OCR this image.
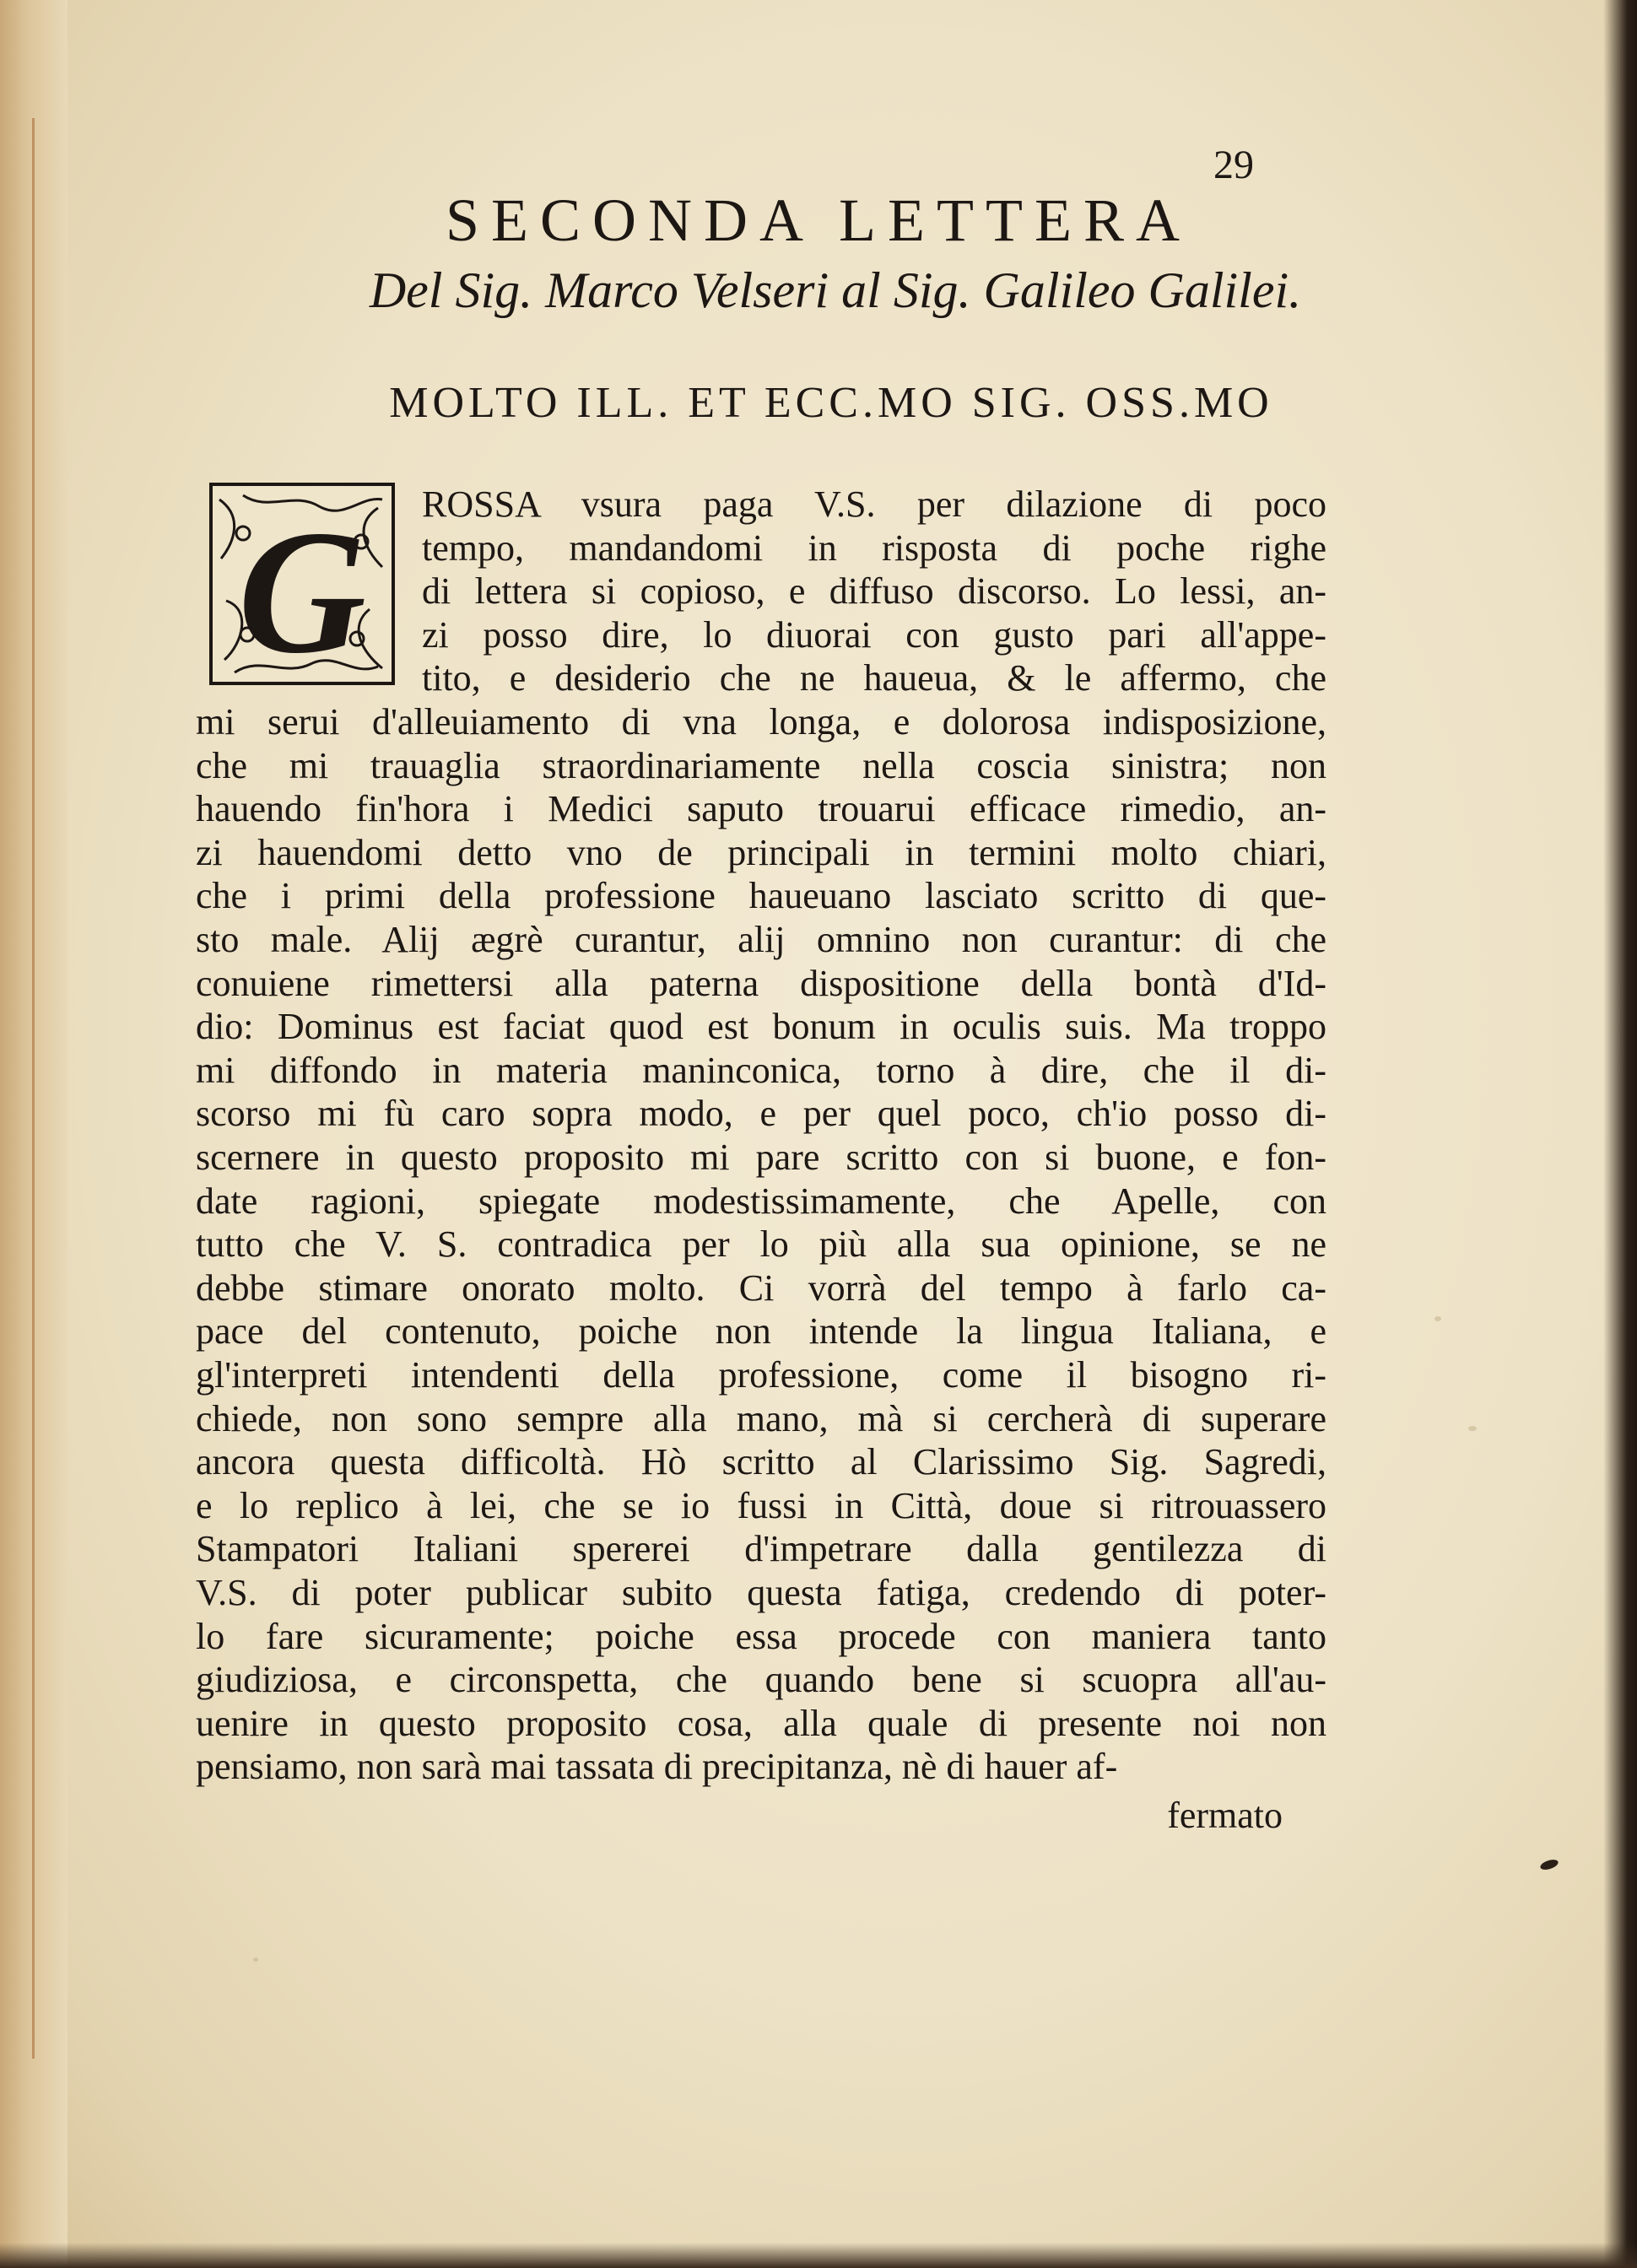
29
SECONDA LETTERA
Del Sig. Marco Velseri al Sig. Galileo Galilei.
MOLTO ILL. ET ECC.MO SIG. OSS.MO
G ROSSA vsura paga V.S. per dilazione di poco
tempo, mandandomi in risposta di poche righe
di lettera si copioso, e diffuso discorso. Lo lessi, an-
zi posso dire, lo diuorai con gusto pari all'appe-
tito, e desiderio che ne haueua, & le affermo, che
mi serui d'alleuiamento di vna longa, e dolorosa indisposizione,
che mi trauaglia straordinariamente nella coscia sinistra; non
hauendo fin'hora i Medici saputo trouarui efficace rimedio, an-
zi hauendomi detto vno de principali in termini molto chiari,
che i primi della professione haueuano lasciato scritto di que-
sto male. Alij ægrè curantur, alij omnino non curantur: di che
conuiene rimettersi alla paterna dispositione della bontà d'Id-
dio: Dominus est faciat quod est bonum in oculis suis. Ma troppo
mi diffondo in materia maninconica, torno à dire, che il di-
scorso mi fù caro sopra modo, e per quel poco, ch'io posso di-
scernere in questo proposito mi pare scritto con si buone, e fon-
date ragioni, spiegate modestissimamente, che Apelle, con
tutto che V. S. contradica per lo più alla sua opinione, se ne
debbe stimare onorato molto. Ci vorrà del tempo à farlo ca-
pace del contenuto, poiche non intende la lingua Italiana, e
gl'interpreti intendenti della professione, come il bisogno ri-
chiede, non sono sempre alla mano, mà si cercherà di superare
ancora questa difficoltà. Hò scritto al Clarissimo Sig. Sagredi,
e lo replico à lei, che se io fussi in Città, doue si ritrouassero
Stampatori Italiani spererei d'impetrare dalla gentilezza di
V.S. di poter publicar subito questa fatiga, credendo di poter-
lo fare sicuramente; poiche essa procede con maniera tanto
giudiziosa, e circonspetta, che quando bene si scuopra all'au-
uenire in questo proposito cosa, alla quale di presente noi non
pensiamo, non sarà mai tassata di precipitanza, nè di hauer af-
fermato
